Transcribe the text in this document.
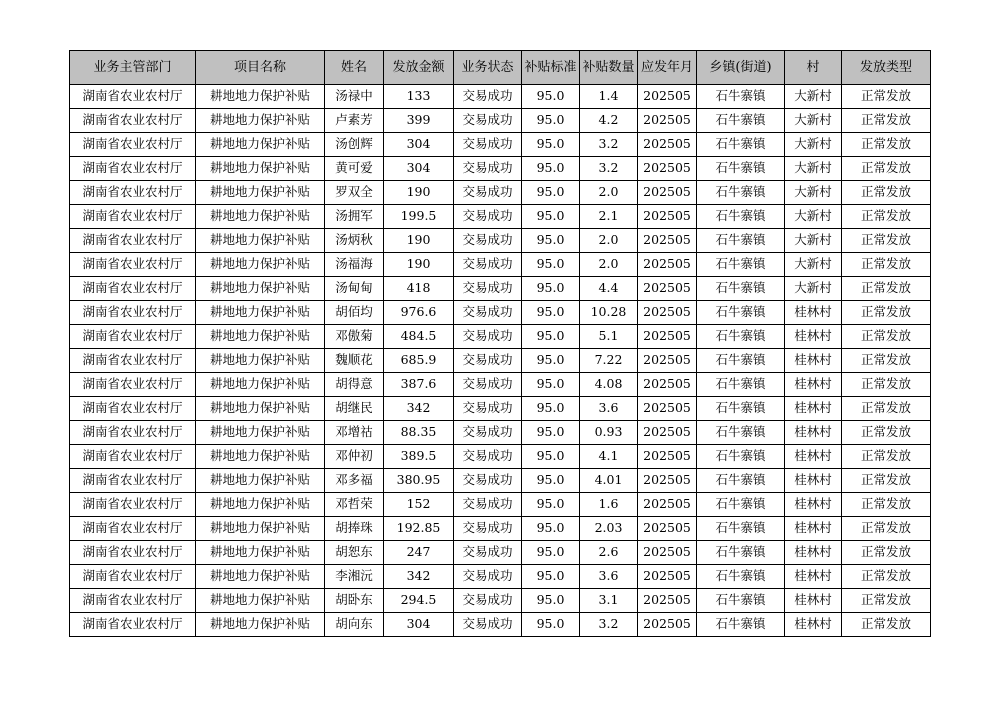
业务主管部门	项目名称	姓名	发放金额	业务状态	补贴标准	补贴数量	应发年月	乡镇(街道)	村	发放类型
湖南省农业农村厅	耕地地力保护补贴	汤禄中	133	交易成功	95.0	1.4	202505	石牛寨镇	大新村	正常发放
湖南省农业农村厅	耕地地力保护补贴	卢素芳	399	交易成功	95.0	4.2	202505	石牛寨镇	大新村	正常发放
湖南省农业农村厅	耕地地力保护补贴	汤创辉	304	交易成功	95.0	3.2	202505	石牛寨镇	大新村	正常发放
湖南省农业农村厅	耕地地力保护补贴	黄可爱	304	交易成功	95.0	3.2	202505	石牛寨镇	大新村	正常发放
湖南省农业农村厅	耕地地力保护补贴	罗双全	190	交易成功	95.0	2.0	202505	石牛寨镇	大新村	正常发放
湖南省农业农村厅	耕地地力保护补贴	汤拥军	199.5	交易成功	95.0	2.1	202505	石牛寨镇	大新村	正常发放
湖南省农业农村厅	耕地地力保护补贴	汤炳秋	190	交易成功	95.0	2.0	202505	石牛寨镇	大新村	正常发放
湖南省农业农村厅	耕地地力保护补贴	汤福海	190	交易成功	95.0	2.0	202505	石牛寨镇	大新村	正常发放
湖南省农业农村厅	耕地地力保护补贴	汤甸甸	418	交易成功	95.0	4.4	202505	石牛寨镇	大新村	正常发放
湖南省农业农村厅	耕地地力保护补贴	胡佰均	976.6	交易成功	95.0	10.28	202505	石牛寨镇	桂林村	正常发放
湖南省农业农村厅	耕地地力保护补贴	邓傲菊	484.5	交易成功	95.0	5.1	202505	石牛寨镇	桂林村	正常发放
湖南省农业农村厅	耕地地力保护补贴	魏顺花	685.9	交易成功	95.0	7.22	202505	石牛寨镇	桂林村	正常发放
湖南省农业农村厅	耕地地力保护补贴	胡得意	387.6	交易成功	95.0	4.08	202505	石牛寨镇	桂林村	正常发放
湖南省农业农村厅	耕地地力保护补贴	胡继民	342	交易成功	95.0	3.6	202505	石牛寨镇	桂林村	正常发放
湖南省农业农村厅	耕地地力保护补贴	邓增祜	88.35	交易成功	95.0	0.93	202505	石牛寨镇	桂林村	正常发放
湖南省农业农村厅	耕地地力保护补贴	邓仲初	389.5	交易成功	95.0	4.1	202505	石牛寨镇	桂林村	正常发放
湖南省农业农村厅	耕地地力保护补贴	邓多福	380.95	交易成功	95.0	4.01	202505	石牛寨镇	桂林村	正常发放
湖南省农业农村厅	耕地地力保护补贴	邓哲荣	152	交易成功	95.0	1.6	202505	石牛寨镇	桂林村	正常发放
湖南省农业农村厅	耕地地力保护补贴	胡捧珠	192.85	交易成功	95.0	2.03	202505	石牛寨镇	桂林村	正常发放
湖南省农业农村厅	耕地地力保护补贴	胡恕东	247	交易成功	95.0	2.6	202505	石牛寨镇	桂林村	正常发放
湖南省农业农村厅	耕地地力保护补贴	李湘沅	342	交易成功	95.0	3.6	202505	石牛寨镇	桂林村	正常发放
湖南省农业农村厅	耕地地力保护补贴	胡卧东	294.5	交易成功	95.0	3.1	202505	石牛寨镇	桂林村	正常发放
湖南省农业农村厅	耕地地力保护补贴	胡向东	304	交易成功	95.0	3.2	202505	石牛寨镇	桂林村	正常发放
